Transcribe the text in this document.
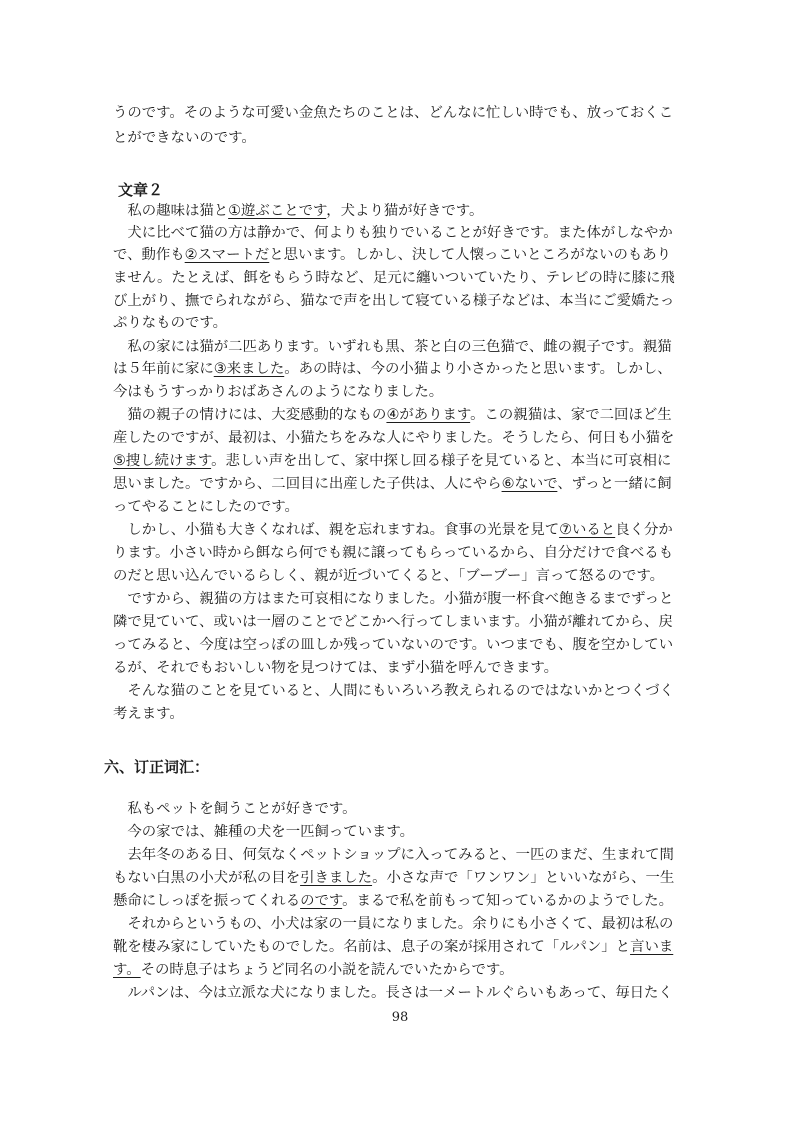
うのです。そのような可愛い金魚たちのことは、どんなに忙しい時でも、放っておくこ
とができないのです。
文章２
　私の趣味は猫と①遊ぶことです，犬より猫が好きです。
　犬に比べて猫の方は静かで、何よりも独りでいることが好きです。また体がしなやか
で、動作も②スマートだと思います。しかし、決して人懐っこいところがないのもあり
ません。たとえば、餌をもらう時など、足元に纏いついていたり、テレビの時に膝に飛
び上がり、撫でられながら、猫なで声を出して寝ている様子などは、本当にご愛嬌たっ
ぷりなものです。
　私の家には猫が二匹あります。いずれも黒、茶と白の三色猫で、雌の親子です。親猫
は５年前に家に③来ました。あの時は、今の小猫より小さかったと思います。しかし、
今はもうすっかりおばあさんのようになりました。
　猫の親子の情けには、大変感動的なもの④があります。この親猫は、家で二回ほど生
産したのですが、最初は、小猫たちをみな人にやりました。そうしたら、何日も小猫を
⑤捜し続けます。悲しい声を出して、家中探し回る様子を見ていると、本当に可哀相に
思いました。ですから、二回目に出産した子供は、人にやら⑥ないで、ずっと一緒に飼
ってやることにしたのです。
　しかし、小猫も大きくなれば、親を忘れますね。食事の光景を見て⑦いると良く分か
ります。小さい時から餌なら何でも親に譲ってもらっているから、自分だけで食べるも
のだと思い込んでいるらしく、親が近づいてくると、「ブーブー」言って怒るのです。
　ですから、親猫の方はまた可哀相になりました。小猫が腹一杯食べ飽きるまでずっと
隣で見ていて、或いは一層のことでどこかへ行ってしまいます。小猫が離れてから、戻
ってみると、今度は空っぽの皿しか残っていないのです。いつまでも、腹を空かしてい
るが、それでもおいしい物を見つけては、まず小猫を呼んできます。
　そんな猫のことを見ていると、人間にもいろいろ教えられるのではないかとつくづく
考えます。
六、订正词汇：
　私もペットを飼うことが好きです。
　今の家では、雑種の犬を一匹飼っています。
　去年冬のある日、何気なくペットショップに入ってみると、一匹のまだ、生まれて間
もない白黒の小犬が私の目を引きました。小さな声で「ワンワン」といいながら、一生
懸命にしっぽを振ってくれるのです。まるで私を前もって知っているかのようでした。
　それからというもの、小犬は家の一員になりました。余りにも小さくて、最初は私の
靴を棲み家にしていたものでした。名前は、息子の案が採用されて「ルパン」と言いま
す。その時息子はちょうど同名の小説を読んでいたからです。
　ルパンは、今は立派な犬になりました。長さは一メートルぐらいもあって、毎日たく
98
